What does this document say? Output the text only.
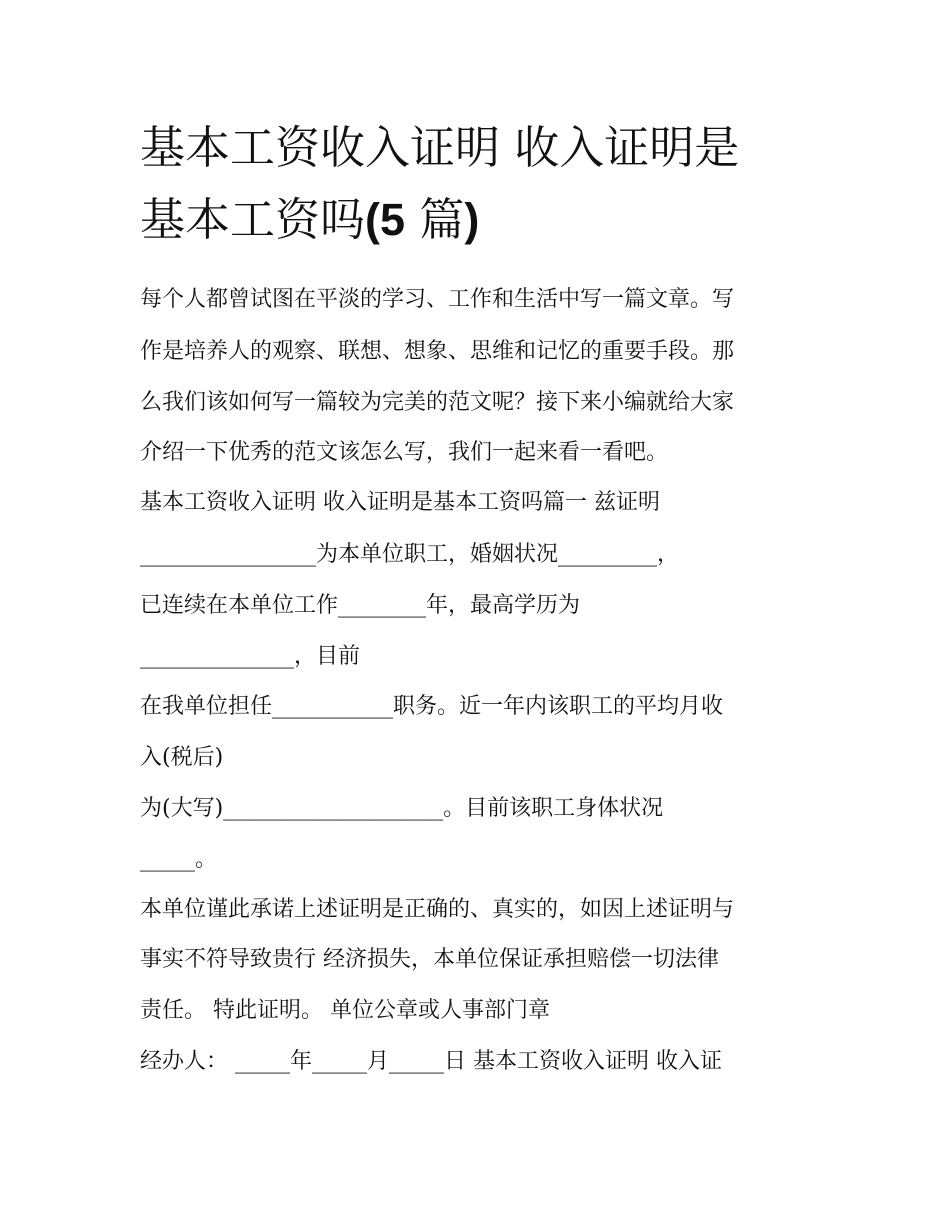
基本工资收入证明 收入证明是
基本工资吗(5 篇)
每个人都曾试图在平淡的学习、工作和生活中写一篇文章。写
作是培养人的观察、联想、想象、思维和记忆的重要手段。那
么我们该如何写一篇较为完美的范文呢？接下来小编就给大家
介绍一下优秀的范文该怎么写，我们一起来看一看吧。
基本工资收入证明 收入证明是基本工资吗篇一 兹证明
________________为本单位职工，婚姻状况_________，
已连续在本单位工作________年，最高学历为
______________，目前
在我单位担任___________职务。近一年内该职工的平均月收
入(税后)
为(大写)____________________。目前该职工身体状况
_____。
本单位谨此承诺上述证明是正确的、真实的，如因上述证明与
事实不符导致贵行 经济损失，本单位保证承担赔偿一切法律
责任。 特此证明。 单位公章或人事部门章
经办人： _____年_____月_____日 基本工资收入证明 收入证
